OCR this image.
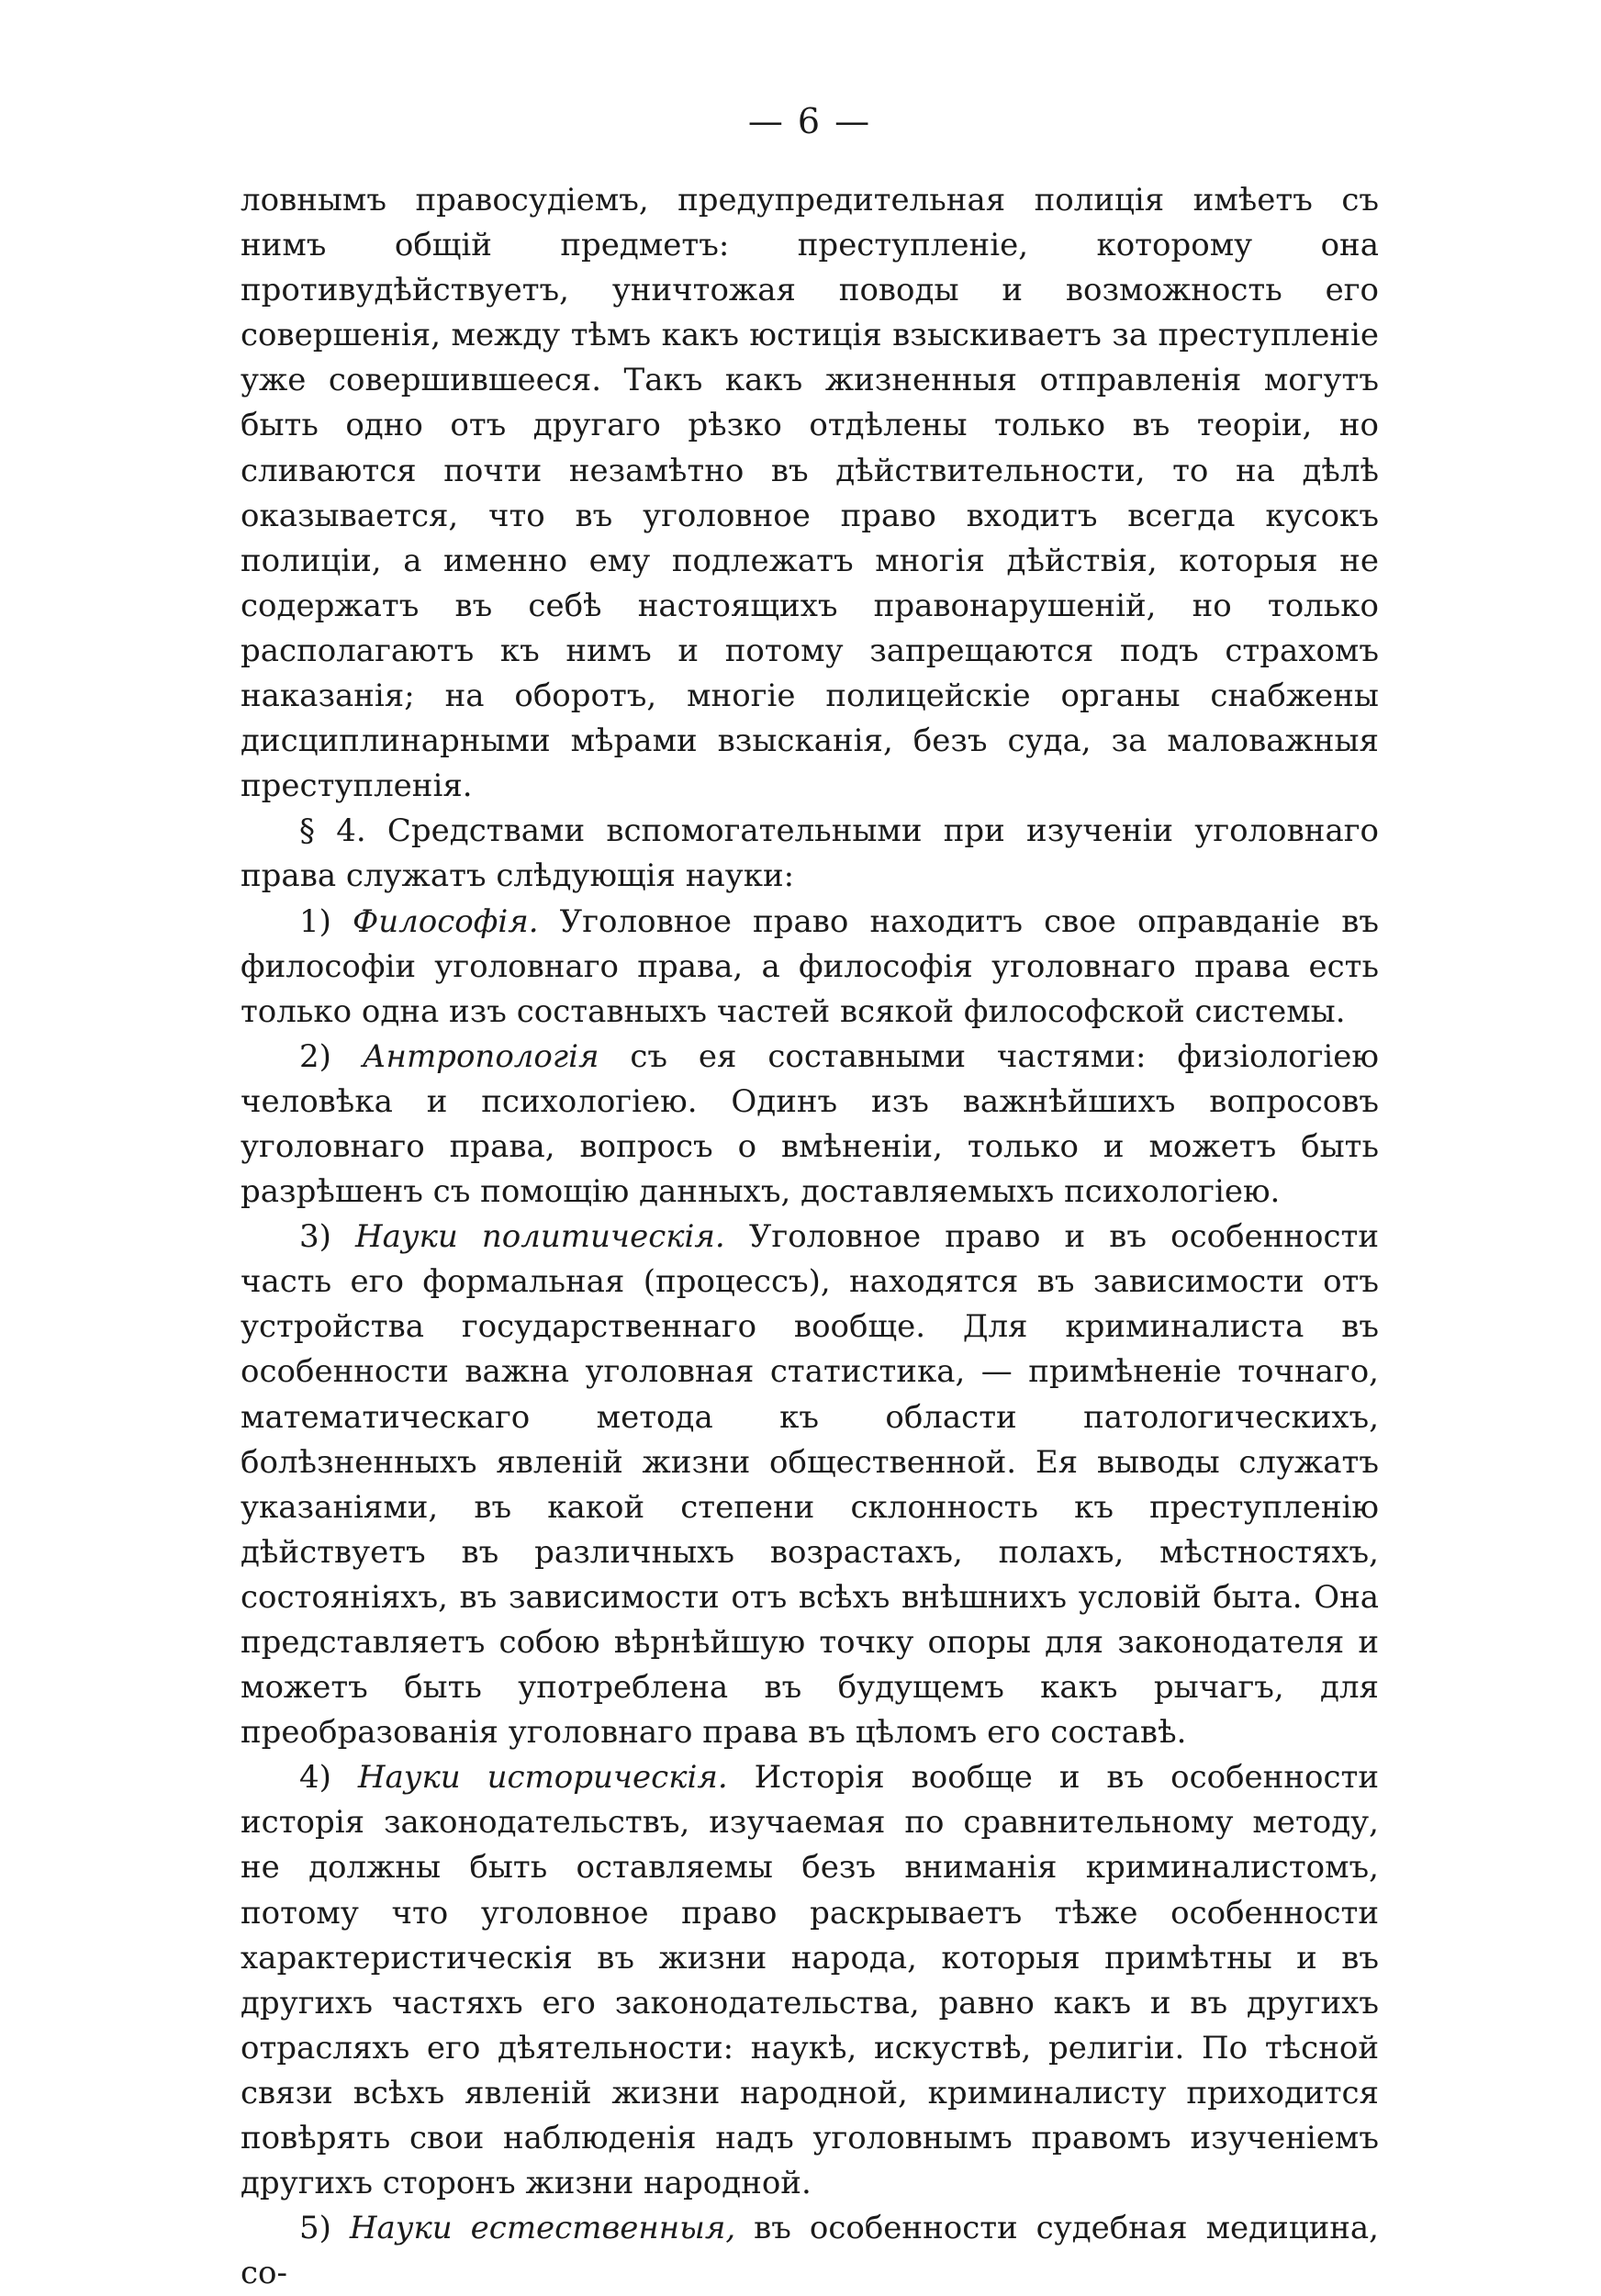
— 6 —

ловнымъ правосудіемъ, предупредительная полиція имѣетъ съ нимъ общій предметъ: преступленіе, которому она противудѣйствуетъ, уничтожая поводы и возможность его совершенія, между тѣмъ какъ юстиція взыскиваетъ за преступленіе уже совершившееся. Такъ какъ жизненныя отправленія могутъ быть одно отъ другаго рѣзко отдѣлены только въ теоріи, но сливаются почти незамѣтно въ дѣйствительности, то на дѣлѣ оказывается, что въ уголовное право входитъ всегда кусокъ полиціи, а именно ему подлежатъ многія дѣйствія, которыя не содержатъ въ себѣ настоящихъ правонарушеній, но только располагаютъ къ нимъ и потому запрещаются подъ страхомъ наказанія; на оборотъ, многіе полицейскіе органы снабжены дисциплинарными мѣрами взысканія, безъ суда, за маловажныя преступленія.

§ 4. Средствами вспомогательными при изученіи уголовнаго права служатъ слѣдующія науки:

1) Философія. Уголовное право находитъ свое оправданіе въ философіи уголовнаго права, а философія уголовнаго права есть только одна изъ составныхъ частей всякой философской системы.

2) Антропологія съ ея составными частями: физіологіею человѣка и психологіею. Одинъ изъ важнѣйшихъ вопросовъ уголовнаго права, вопросъ о вмѣненіи, только и можетъ быть разрѣшенъ съ помощію данныхъ, доставляемыхъ психологіею.

3) Науки политическія. Уголовное право и въ особенности часть его формальная (процессъ), находятся въ зависимости отъ устройства государственнаго вообще. Для криминалиста въ особенности важна уголовная статистика, — примѣненіе точнаго, математическаго метода къ области патологическихъ, болѣзненныхъ явленій жизни общественной. Ея выводы служатъ указаніями, въ какой степени склонность къ преступленію дѣйствуетъ въ различныхъ возрастахъ, полахъ, мѣстностяхъ, состояніяхъ, въ зависимости отъ всѣхъ внѣшнихъ условій быта. Она представляетъ собою вѣрнѣйшую точку опоры для законодателя и можетъ быть употреблена въ будущемъ какъ рычагъ, для преобразованія уголовнаго права въ цѣломъ его составѣ.

4) Науки историческія. Исторія вообще и въ особенности исторія законодательствъ, изучаемая по сравнительному методу, не должны быть оставляемы безъ вниманія криминалистомъ, потому что уголовное право раскрываетъ тѣже особенности характеристическія въ жизни народа, которыя примѣтны и въ другихъ частяхъ его законодательства, равно какъ и въ другихъ отрасляхъ его дѣятельности: наукѣ, искуствѣ, религіи. По тѣсной связи всѣхъ явленій жизни народной, криминалисту приходится повѣрять свои наблюденія надъ уголовнымъ правомъ изученіемъ другихъ сторонъ жизни народной.

5) Науки естественныя, въ особенности судебная медицина, со-
